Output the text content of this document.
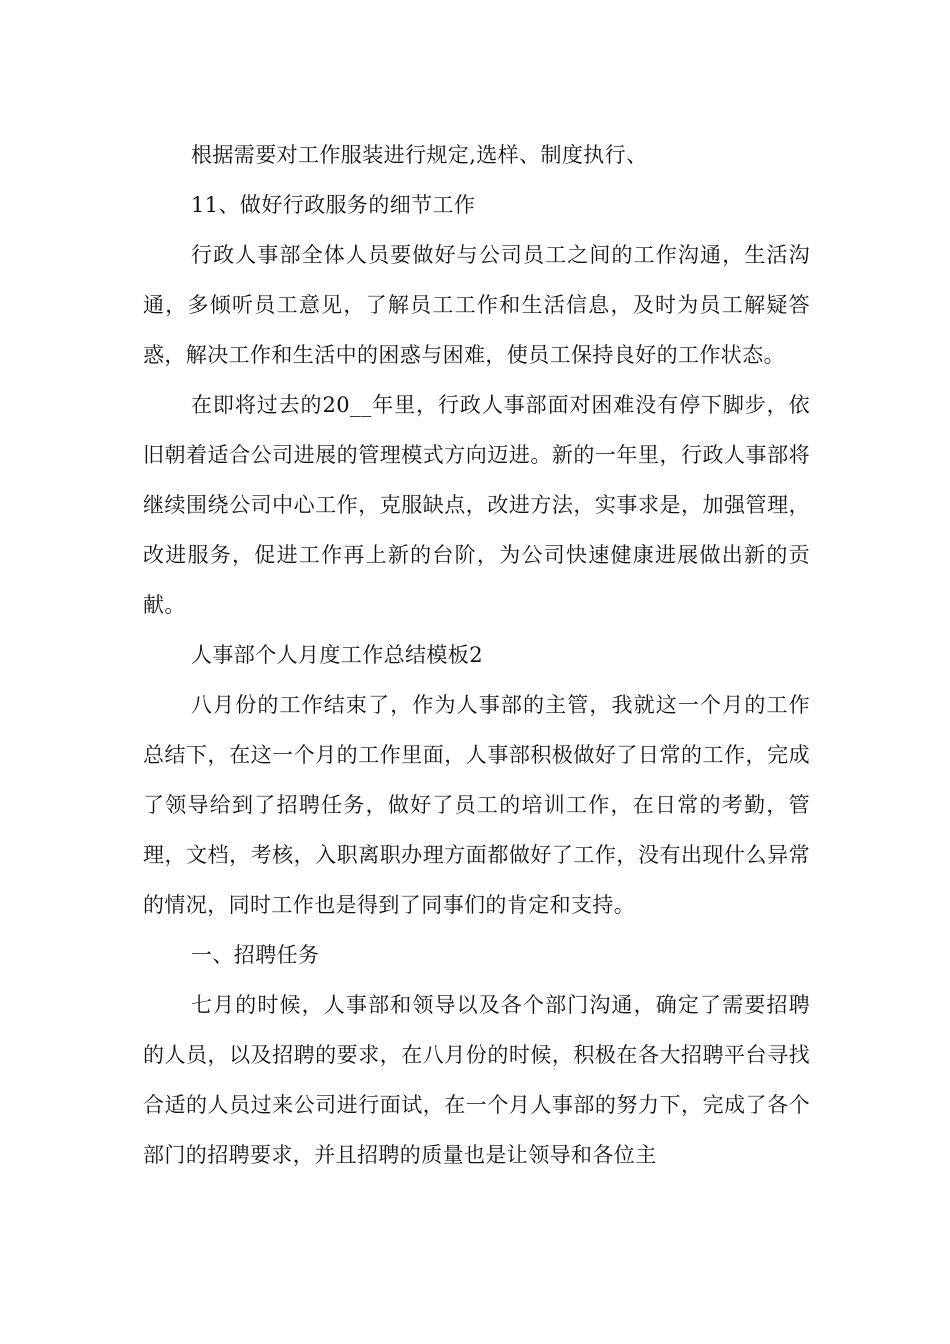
根据需要对工作服装进行规定,选样、制度执行、

11、做好行政服务的细节工作

行政人事部全体人员要做好与公司员工之间的工作沟通，生活沟通，多倾听员工意见，了解员工工作和生活信息，及时为员工解疑答惑，解决工作和生活中的困惑与困难，使员工保持良好的工作状态。

在即将过去的20__年里，行政人事部面对困难没有停下脚步，依旧朝着适合公司进展的管理模式方向迈进。新的一年里，行政人事部将继续围绕公司中心工作，克服缺点，改进方法，实事求是，加强管理，改进服务，促进工作再上新的台阶，为公司快速健康进展做出新的贡献。

人事部个人月度工作总结模板2

八月份的工作结束了，作为人事部的主管，我就这一个月的工作总结下，在这一个月的工作里面，人事部积极做好了日常的工作，完成了领导给到了招聘任务，做好了员工的培训工作，在日常的考勤，管理，文档，考核，入职离职办理方面都做好了工作，没有出现什么异常的情况，同时工作也是得到了同事们的肯定和支持。

一、招聘任务

七月的时候，人事部和领导以及各个部门沟通，确定了需要招聘的人员，以及招聘的要求，在八月份的时候，积极在各大招聘平台寻找合适的人员过来公司进行面试，在一个月人事部的努力下，完成了各个部门的招聘要求，并且招聘的质量也是让领导和各位主
